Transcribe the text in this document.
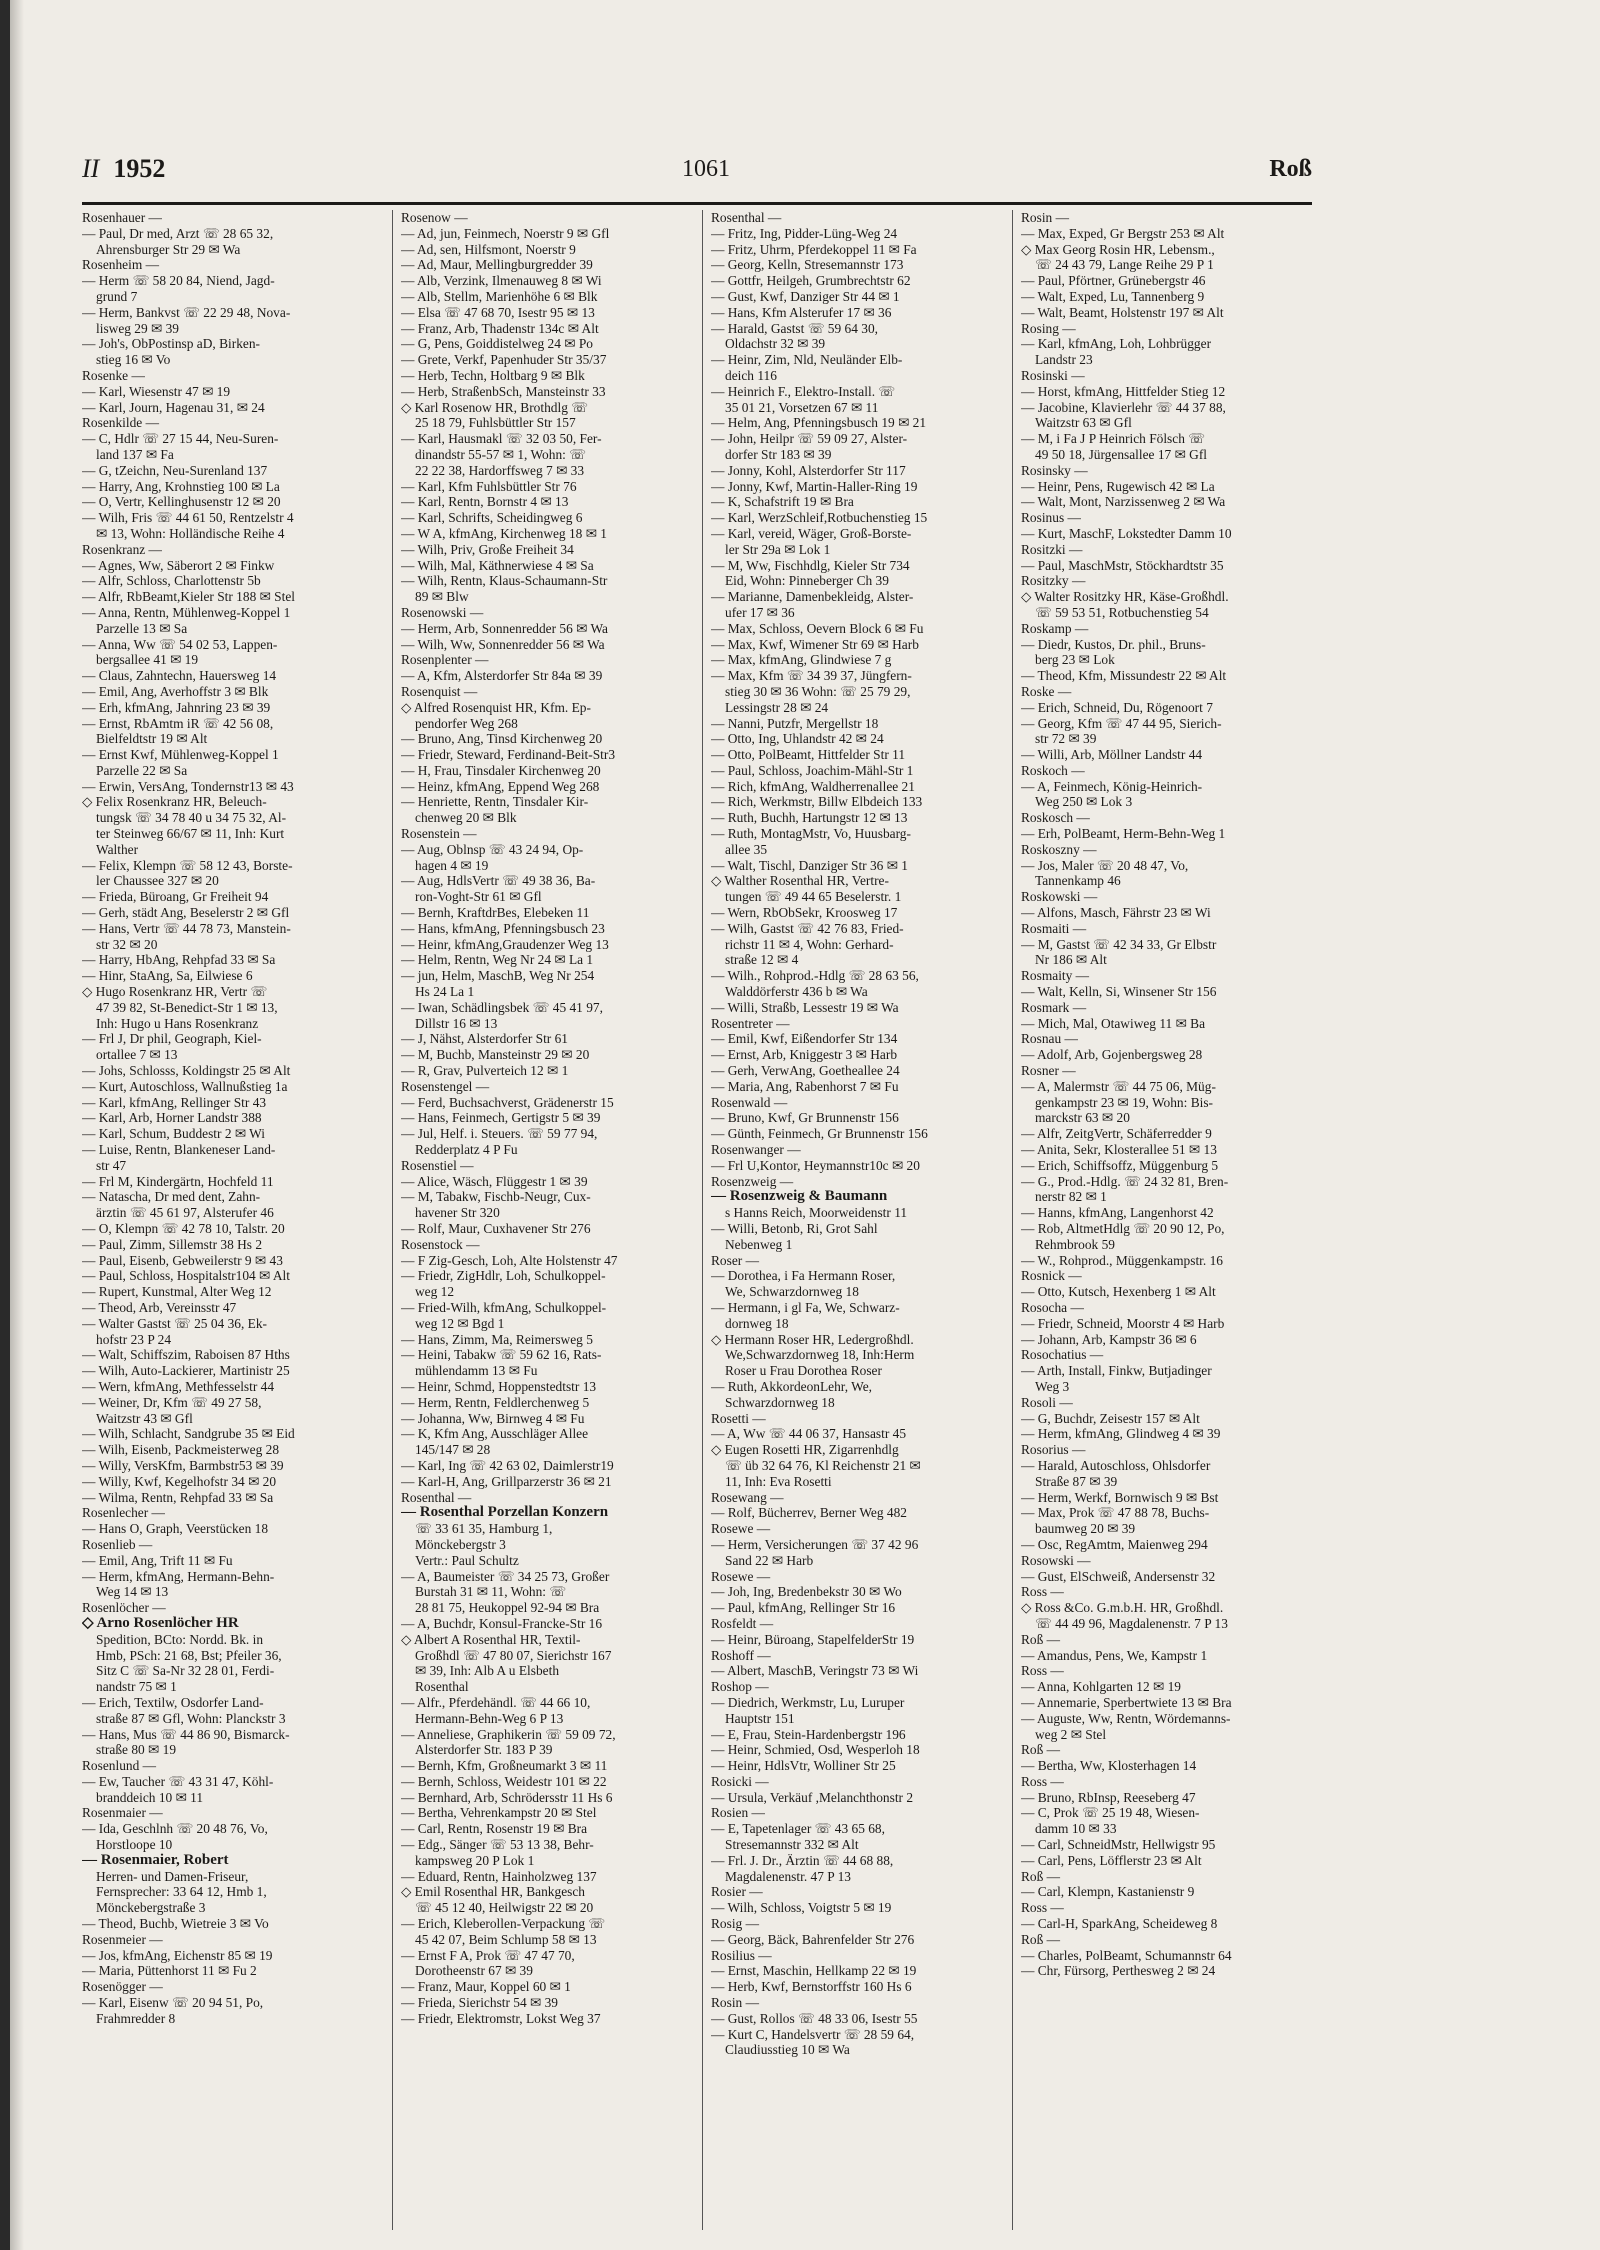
II 1952	1061	Roß
Rosenhauer —
— Paul, Dr med, Arzt ☏ 28 65 32,
Ahrensburger Str 29 ✉ Wa
Rosenheim —
— Herm ☏ 58 20 84, Niend, Jagd-
grund 7
— Herm, Bankvst ☏ 22 29 48, Nova-
lisweg 29 ✉ 39
— Joh's, ObPostinsp aD, Birken-
stieg 16 ✉ Vo
Rosenke —
— Karl, Wiesenstr 47 ✉ 19
— Karl, Journ, Hagenau 31, ✉ 24
Rosenkilde —
— C, Hdlr ☏ 27 15 44, Neu-Suren-
land 137 ✉ Fa
— G, tZeichn, Neu-Surenland 137
— Harry, Ang, Krohnstieg 100 ✉ La
— O, Vertr, Kellinghusenstr 12 ✉ 20
— Wilh, Fris ☏ 44 61 50, Rentzelstr 4
✉ 13, Wohn: Holländische Reihe 4
Rosenkranz —
— Agnes, Ww, Säberort 2 ✉ Finkw
— Alfr, Schloss, Charlottenstr 5b
— Alfr, RbBeamt,Kieler Str 188 ✉ Stel
— Anna, Rentn, Mühlenweg-Koppel 1
Parzelle 13 ✉ Sa
— Anna, Ww ☏ 54 02 53, Lappen-
bergsallee 41 ✉ 19
— Claus, Zahntechn, Hauersweg 14
— Emil, Ang, Averhoffstr 3 ✉ Blk
— Erh, kfmAng, Jahnring 23 ✉ 39
— Ernst, RbAmtm iR ☏ 42 56 08,
Bielfeldtstr 19 ✉ Alt
— Ernst Kwf, Mühlenweg-Koppel 1
Parzelle 22 ✉ Sa
— Erwin, VersAng, Tondernstr13 ✉ 43
◇ Felix Rosenkranz HR, Beleuch-
tungsk ☏ 34 78 40 u 34 75 32, Al-
ter Steinweg 66/67 ✉ 11, Inh: Kurt
Walther
— Felix, Klempn ☏ 58 12 43, Borste-
ler Chaussee 327 ✉ 20
— Frieda, Büroang, Gr Freiheit 94
— Gerh, städt Ang, Beselerstr 2 ✉ Gfl
— Hans, Vertr ☏ 44 78 73, Manstein-
str 32 ✉ 20
— Harry, HbAng, Rehpfad 33 ✉ Sa
— Hinr, StaAng, Sa, Eilwiese 6
◇ Hugo Rosenkranz HR, Vertr ☏
47 39 82, St-Benedict-Str 1 ✉ 13,
Inh: Hugo u Hans Rosenkranz
— Frl J, Dr phil, Geograph, Kiel-
ortallee 7 ✉ 13
— Johs, Schlosss, Koldingstr 25 ✉ Alt
— Kurt, Autoschloss, Wallnußstieg 1a
— Karl, kfmAng, Rellinger Str 43
— Karl, Arb, Horner Landstr 388
— Karl, Schum, Buddestr 2 ✉ Wi
— Luise, Rentn, Blankeneser Land-
str 47
— Frl M, Kindergärtn, Hochfeld 11
— Natascha, Dr med dent, Zahn-
ärztin ☏ 45 61 97, Alsterufer 46
— O, Klempn ☏ 42 78 10, Talstr. 20
— Paul, Zimm, Sillemstr 38 Hs 2
— Paul, Eisenb, Gebweilerstr 9 ✉ 43
— Paul, Schloss, Hospitalstr104 ✉ Alt
— Rupert, Kunstmal, Alter Weg 12
— Theod, Arb, Vereinsstr 47
— Walter Gastst ☏ 25 04 36, Ek-
hofstr 23 P 24
— Walt, Schiffszim, Raboisen 87 Hths
— Wilh, Auto-Lackierer, Martinistr 25
— Wern, kfmAng, Methfesselstr 44
— Weiner, Dr, Kfm ☏ 49 27 58,
Waitzstr 43 ✉ Gfl
— Wilh, Schlacht, Sandgrube 35 ✉ Eid
— Wilh, Eisenb, Packmeisterweg 28
— Willy, VersKfm, Barmbstr53 ✉ 39
— Willy, Kwf, Kegelhofstr 34 ✉ 20
— Wilma, Rentn, Rehpfad 33 ✉ Sa
Rosenlecher —
— Hans O, Graph, Veerstücken 18
Rosenlieb —
— Emil, Ang, Trift 11 ✉ Fu
— Herm, kfmAng, Hermann-Behn-
Weg 14 ✉ 13
Rosenlöcher —
◇ Arno Rosenlöcher HR
Spedition, BCto: Nordd. Bk. in
Hmb, PSch: 21 68, Bst; Pfeiler 36,
Sitz C ☏ Sa-Nr 32 28 01, Ferdi-
nandstr 75 ✉ 1
— Erich, Textilw, Osdorfer Land-
straße 87 ✉ Gfl, Wohn: Planckstr 3
— Hans, Mus ☏ 44 86 90, Bismarck-
straße 80 ✉ 19
Rosenlund —
— Ew, Taucher ☏ 43 31 47, Köhl-
branddeich 10 ✉ 11
Rosenmaier —
— Ida, Geschlnh ☏ 20 48 76, Vo,
Horstloope 10
— Rosenmaier, Robert
Herren- und Damen-Friseur,
Fernsprecher: 33 64 12, Hmb 1,
Mönckebergstraße 3
— Theod, Buchb, Wietreie 3 ✉ Vo
Rosenmeier —
— Jos, kfmAng, Eichenstr 85 ✉ 19
— Maria, Püttenhorst 11 ✉ Fu 2
Rosenögger —
— Karl, Eisenw ☏ 20 94 51, Po,
Frahmredder 8
Rosenow —
— Ad, jun, Feinmech, Noerstr 9 ✉ Gfl
— Ad, sen, Hilfsmont, Noerstr 9
— Ad, Maur, Mellingburgredder 39
— Alb, Verzink, Ilmenauweg 8 ✉ Wi
— Alb, Stellm, Marienhöhe 6 ✉ Blk
— Elsa ☏ 47 68 70, Isestr 95 ✉ 13
— Franz, Arb, Thadenstr 134c ✉ Alt
— G, Pens, Goiddistelweg 24 ✉ Po
— Grete, Verkf, Papenhuder Str 35/37
— Herb, Techn, Holtbarg 9 ✉ Blk
— Herb, StraßenbSch, Mansteinstr 33
◇ Karl Rosenow HR, Brothdlg ☏
25 18 79, Fuhlsbüttler Str 157
— Karl, Hausmakl ☏ 32 03 50, Fer-
dinandstr 55-57 ✉ 1, Wohn: ☏
22 22 38, Hardorffsweg 7 ✉ 33
— Karl, Kfm Fuhlsbüttler Str 76
— Karl, Rentn, Bornstr 4 ✉ 13
— Karl, Schrifts, Scheidingweg 6
— W A, kfmAng, Kirchenweg 18 ✉ 1
— Wilh, Priv, Große Freiheit 34
— Wilh, Mal, Käthnerwiese 4 ✉ Sa
— Wilh, Rentn, Klaus-Schaumann-Str
89 ✉ Blw
Rosenowski —
— Herm, Arb, Sonnenredder 56 ✉ Wa
— Wilh, Ww, Sonnenredder 56 ✉ Wa
Rosenplenter —
— A, Kfm, Alsterdorfer Str 84a ✉ 39
Rosenquist —
◇ Alfred Rosenquist HR, Kfm. Ep-
pendorfer Weg 268
— Bruno, Ang, Tinsd Kirchenweg 20
— Friedr, Steward, Ferdinand-Beit-Str3
— H, Frau, Tinsdaler Kirchenweg 20
— Heinz, kfmAng, Eppend Weg 268
— Henriette, Rentn, Tinsdaler Kir-
chenweg 20 ✉ Blk
Rosenstein —
— Aug, Oblnsp ☏ 43 24 94, Op-
hagen 4 ✉ 19
— Aug, HdlsVertr ☏ 49 38 36, Ba-
ron-Voght-Str 61 ✉ Gfl
— Bernh, KraftdrBes, Elebeken 11
— Hans, kfmAng, Pfenningsbusch 23
— Heinr, kfmAng,Graudenzer Weg 13
— Helm, Rentn, Weg Nr 24 ✉ La 1
— jun, Helm, MaschB, Weg Nr 254
Hs 24 La 1
— Iwan, Schädlingsbek ☏ 45 41 97,
Dillstr 16 ✉ 13
— J, Nähst, Alsterdorfer Str 61
— M, Buchb, Mansteinstr 29 ✉ 20
— R, Grav, Pulverteich 12 ✉ 1
Rosenstengel —
— Ferd, Buchsachverst, Grädenerstr 15
— Hans, Feinmech, Gertigstr 5 ✉ 39
— Jul, Helf. i. Steuers. ☏ 59 77 94,
Redderplatz 4 P Fu
Rosenstiel —
— Alice, Wäsch, Flüggestr 1 ✉ 39
— M, Tabakw, Fischb-Neugr, Cux-
havener Str 320
— Rolf, Maur, Cuxhavener Str 276
Rosenstock —
— F Zig-Gesch, Loh, Alte Holstenstr 47
— Friedr, ZigHdlr, Loh, Schulkoppel-
weg 12
— Fried-Wilh, kfmAng, Schulkoppel-
weg 12 ✉ Bgd 1
— Hans, Zimm, Ma, Reimersweg 5
— Heini, Tabakw ☏ 59 62 16, Rats-
mühlendamm 13 ✉ Fu
— Heinr, Schmd, Hoppenstedtstr 13
— Herm, Rentn, Feldlerchenweg 5
— Johanna, Ww, Birnweg 4 ✉ Fu
— K, Kfm Ang, Ausschläger Allee
145/147 ✉ 28
— Karl, Ing ☏ 42 63 02, Daimlerstr19
— Karl-H, Ang, Grillparzerstr 36 ✉ 21
Rosenthal —
— Rosenthal Porzellan Konzern
☏ 33 61 35, Hamburg 1,
Mönckebergstr 3
Vertr.: Paul Schultz
— A, Baumeister ☏ 34 25 73, Großer
Burstah 31 ✉ 11, Wohn: ☏
28 81 75, Heukoppel 92-94 ✉ Bra
— A, Buchdr, Konsul-Francke-Str 16
◇ Albert A Rosenthal HR, Textil-
Großhdl ☏ 47 80 07, Sierichstr 167
✉ 39, Inh: Alb A u Elsbeth
Rosenthal
— Alfr., Pferdehändl. ☏ 44 66 10,
Hermann-Behn-Weg 6 P 13
— Anneliese, Graphikerin ☏ 59 09 72,
Alsterdorfer Str. 183 P 39
— Bernh, Kfm, Großneumarkt 3 ✉ 11
— Bernh, Schloss, Weidestr 101 ✉ 22
— Bernhard, Arb, Schrödersstr 11 Hs 6
— Bertha, Vehrenkampstr 20 ✉ Stel
— Carl, Rentn, Rosenstr 19 ✉ Bra
— Edg., Sänger ☏ 53 13 38, Behr-
kampsweg 20 P Lok 1
— Eduard, Rentn, Hainholzweg 137
◇ Emil Rosenthal HR, Bankgesch
☏ 45 12 40, Heilwigstr 22 ✉ 20
— Erich, Kleberollen-Verpackung ☏
45 42 07, Beim Schlump 58 ✉ 13
— Ernst F A, Prok ☏ 47 47 70,
Dorotheenstr 67 ✉ 39
— Franz, Maur, Koppel 60 ✉ 1
— Frieda, Sierichstr 54 ✉ 39
— Friedr, Elektromstr, Lokst Weg 37
Rosenthal —
— Fritz, Ing, Pidder-Lüng-Weg 24
— Fritz, Uhrm, Pferdekoppel 11 ✉ Fa
— Georg, Kelln, Stresemannstr 173
— Gottfr, Heilgeh, Grumbrechtstr 62
— Gust, Kwf, Danziger Str 44 ✉ 1
— Hans, Kfm Alsterufer 17 ✉ 36
— Harald, Gastst ☏ 59 64 30,
Oldachstr 32 ✉ 39
— Heinr, Zim, Nld, Neuländer Elb-
deich 116
— Heinrich F., Elektro-Install. ☏
35 01 21, Vorsetzen 67 ✉ 11
— Helm, Ang, Pfenningsbusch 19 ✉ 21
— John, Heilpr ☏ 59 09 27, Alster-
dorfer Str 183 ✉ 39
— Jonny, Kohl, Alsterdorfer Str 117
— Jonny, Kwf, Martin-Haller-Ring 19
— K, Schafstrift 19 ✉ Bra
— Karl, WerzSchleif,Rotbuchenstieg 15
— Karl, vereid, Wäger, Groß-Borste-
ler Str 29a ✉ Lok 1
— M, Ww, Fischhdlg, Kieler Str 734
Eid, Wohn: Pinneberger Ch 39
— Marianne, Damenbekleidg, Alster-
ufer 17 ✉ 36
— Max, Schloss, Oevern Block 6 ✉ Fu
— Max, Kwf, Wimener Str 69 ✉ Harb
— Max, kfmAng, Glindwiese 7 g
— Max, Kfm ☏ 34 39 37, Jüngfern-
stieg 30 ✉ 36 Wohn: ☏ 25 79 29,
Lessingstr 28 ✉ 24
— Nanni, Putzfr, Mergellstr 18
— Otto, Ing, Uhlandstr 42 ✉ 24
— Otto, PolBeamt, Hittfelder Str 11
— Paul, Schloss, Joachim-Mähl-Str 1
— Rich, kfmAng, Waldherrenallee 21
— Rich, Werkmstr, Billw Elbdeich 133
— Ruth, Buchh, Hartungstr 12 ✉ 13
— Ruth, MontagMstr, Vo, Huusbarg-
allee 35
— Walt, Tischl, Danziger Str 36 ✉ 1
◇ Walther Rosenthal HR, Vertre-
tungen ☏ 49 44 65 Beselerstr. 1
— Wern, RbObSekr, Kroosweg 17
— Wilh, Gastst ☏ 42 76 83, Fried-
richstr 11 ✉ 4, Wohn: Gerhard-
straße 12 ✉ 4
— Wilh., Rohprod.-Hdlg ☏ 28 63 56,
Walddörferstr 436 b ✉ Wa
— Willi, Straßb, Lessestr 19 ✉ Wa
Rosentreter —
— Emil, Kwf, Eißendorfer Str 134
— Ernst, Arb, Kniggestr 3 ✉ Harb
— Gerh, VerwAng, Goetheallee 24
— Maria, Ang, Rabenhorst 7 ✉ Fu
Rosenwald —
— Bruno, Kwf, Gr Brunnenstr 156
— Günth, Feinmech, Gr Brunnenstr 156
Rosenwanger —
— Frl U,Kontor, Heymannstr10c ✉ 20
Rosenzweig —
— Rosenzweig & Baumann
s Hanns Reich, Moorweidenstr 11
— Willi, Betonb, Ri, Grot Sahl
Nebenweg 1
Roser —
— Dorothea, i Fa Hermann Roser,
We, Schwarzdornweg 18
— Hermann, i gl Fa, We, Schwarz-
dornweg 18
◇ Hermann Roser HR, Ledergroßhdl.
We,Schwarzdornweg 18, Inh:Herm
Roser u Frau Dorothea Roser
— Ruth, AkkordeonLehr, We,
Schwarzdornweg 18
Rosetti —
— A, Ww ☏ 44 06 37, Hansastr 45
◇ Eugen Rosetti HR, Zigarrenhdlg
☏ üb 32 64 76, Kl Reichenstr 21 ✉
11, Inh: Eva Rosetti
Rosewang —
— Rolf, Bücherrev, Berner Weg 482
Rosewe —
— Herm, Versicherungen ☏ 37 42 96
Sand 22 ✉ Harb
Rosewe —
— Joh, Ing, Bredenbekstr 30 ✉ Wo
— Paul, kfmAng, Rellinger Str 16
Rosfeldt —
— Heinr, Büroang, StapelfelderStr 19
Roshoff —
— Albert, MaschB, Veringstr 73 ✉ Wi
Roshop —
— Diedrich, Werkmstr, Lu, Luruper
Hauptstr 151
— E, Frau, Stein-Hardenbergstr 196
— Heinr, Schmied, Osd, Wesperloh 18
— Heinr, HdlsVtr, Wolliner Str 25
Rosicki —
— Ursula, Verkäuf ,Melanchthonstr 2
Rosien —
— E, Tapetenlager ☏ 43 65 68,
Stresemannstr 332 ✉ Alt
— Frl. J. Dr., Ärztin ☏ 44 68 88,
Magdalenenstr. 47 P 13
Rosier —
— Wilh, Schloss, Voigtstr 5 ✉ 19
Rosig —
— Georg, Bäck, Bahrenfelder Str 276
Rosilius —
— Ernst, Maschin, Hellkamp 22 ✉ 19
— Herb, Kwf, Bernstorffstr 160 Hs 6
Rosin —
— Gust, Rollos ☏ 48 33 06, Isestr 55
— Kurt C, Handelsvertr ☏ 28 59 64,
Claudiusstieg 10 ✉ Wa
Rosin —
— Max, Exped, Gr Bergstr 253 ✉ Alt
◇ Max Georg Rosin HR, Lebensm.,
☏ 24 43 79, Lange Reihe 29 P 1
— Paul, Pförtner, Grünebergstr 46
— Walt, Exped, Lu, Tannenberg 9
— Walt, Beamt, Holstenstr 197 ✉ Alt
Rosing —
— Karl, kfmAng, Loh, Lohbrügger
Landstr 23
Rosinski —
— Horst, kfmAng, Hittfelder Stieg 12
— Jacobine, Klavierlehr ☏ 44 37 88,
Waitzstr 63 ✉ Gfl
— M, i Fa J P Heinrich Fölsch ☏
49 50 18, Jürgensallee 17 ✉ Gfl
Rosinsky —
— Heinr, Pens, Rugewisch 42 ✉ La
— Walt, Mont, Narzissenweg 2 ✉ Wa
Rosinus —
— Kurt, MaschF, Lokstedter Damm 10
Rositzki —
— Paul, MaschMstr, Stöckhardtstr 35
Rositzky —
◇ Walter Rositzky HR, Käse-Großhdl.
☏ 59 53 51, Rotbuchenstieg 54
Roskamp —
— Diedr, Kustos, Dr. phil., Bruns-
berg 23 ✉ Lok
— Theod, Kfm, Missundestr 22 ✉ Alt
Roske —
— Erich, Schneid, Du, Rögenoort 7
— Georg, Kfm ☏ 47 44 95, Sierich-
str 72 ✉ 39
— Willi, Arb, Möllner Landstr 44
Roskoch —
— A, Feinmech, König-Heinrich-
Weg 250 ✉ Lok 3
Roskosch —
— Erh, PolBeamt, Herm-Behn-Weg 1
Roskoszny —
— Jos, Maler ☏ 20 48 47, Vo,
Tannenkamp 46
Roskowski —
— Alfons, Masch, Fährstr 23 ✉ Wi
Rosmaiti —
— M, Gastst ☏ 42 34 33, Gr Elbstr
Nr 186 ✉ Alt
Rosmaity —
— Walt, Kelln, Si, Winsener Str 156
Rosmark —
— Mich, Mal, Otawiweg 11 ✉ Ba
Rosnau —
— Adolf, Arb, Gojenbergsweg 28
Rosner —
— A, Malermstr ☏ 44 75 06, Müg-
genkampstr 23 ✉ 19, Wohn: Bis-
marckstr 63 ✉ 20
— Alfr, ZeitgVertr, Schäferredder 9
— Anita, Sekr, Klosterallee 51 ✉ 13
— Erich, Schiffsoffz, Müggenburg 5
— G., Prod.-Hdlg. ☏ 24 32 81, Bren-
nerstr 82 ✉ 1
— Hanns, kfmAng, Langenhorst 42
— Rob, AltmetHdlg ☏ 20 90 12, Po,
Rehmbrook 59
— W., Rohprod., Müggenkampstr. 16
Rosnick —
— Otto, Kutsch, Hexenberg 1 ✉ Alt
Rosocha —
— Friedr, Schneid, Moorstr 4 ✉ Harb
— Johann, Arb, Kampstr 36 ✉ 6
Rosochatius —
— Arth, Install, Finkw, Butjadinger
Weg 3
Rosoli —
— G, Buchdr, Zeisestr 157 ✉ Alt
— Herm, kfmAng, Glindweg 4 ✉ 39
Rosorius —
— Harald, Autoschloss, Ohlsdorfer
Straße 87 ✉ 39
— Herm, Werkf, Bornwisch 9 ✉ Bst
— Max, Prok ☏ 47 88 78, Buchs-
baumweg 20 ✉ 39
— Osc, RegAmtm, Maienweg 294
Rosowski —
— Gust, ElSchweiß, Andersenstr 32
Ross —
◇ Ross &Co. G.m.b.H. HR, Großhdl.
☏ 44 49 96, Magdalenenstr. 7 P 13
Roß —
— Amandus, Pens, We, Kampstr 1
Ross —
— Anna, Kohlgarten 12 ✉ 19
— Annemarie, Sperbertwiete 13 ✉ Bra
— Auguste, Ww, Rentn, Wördemanns-
weg 2 ✉ Stel
Roß —
— Bertha, Ww, Klosterhagen 14
Ross —
— Bruno, RbInsp, Reeseberg 47
— C, Prok ☏ 25 19 48, Wiesen-
damm 10 ✉ 33
— Carl, SchneidMstr, Hellwigstr 95
— Carl, Pens, Löfflerstr 23 ✉ Alt
Roß —
— Carl, Klempn, Kastanienstr 9
Ross —
— Carl-H, SparkAng, Scheideweg 8
Roß —
— Charles, PolBeamt, Schumannstr 64
— Chr, Fürsorg, Perthesweg 2 ✉ 24
